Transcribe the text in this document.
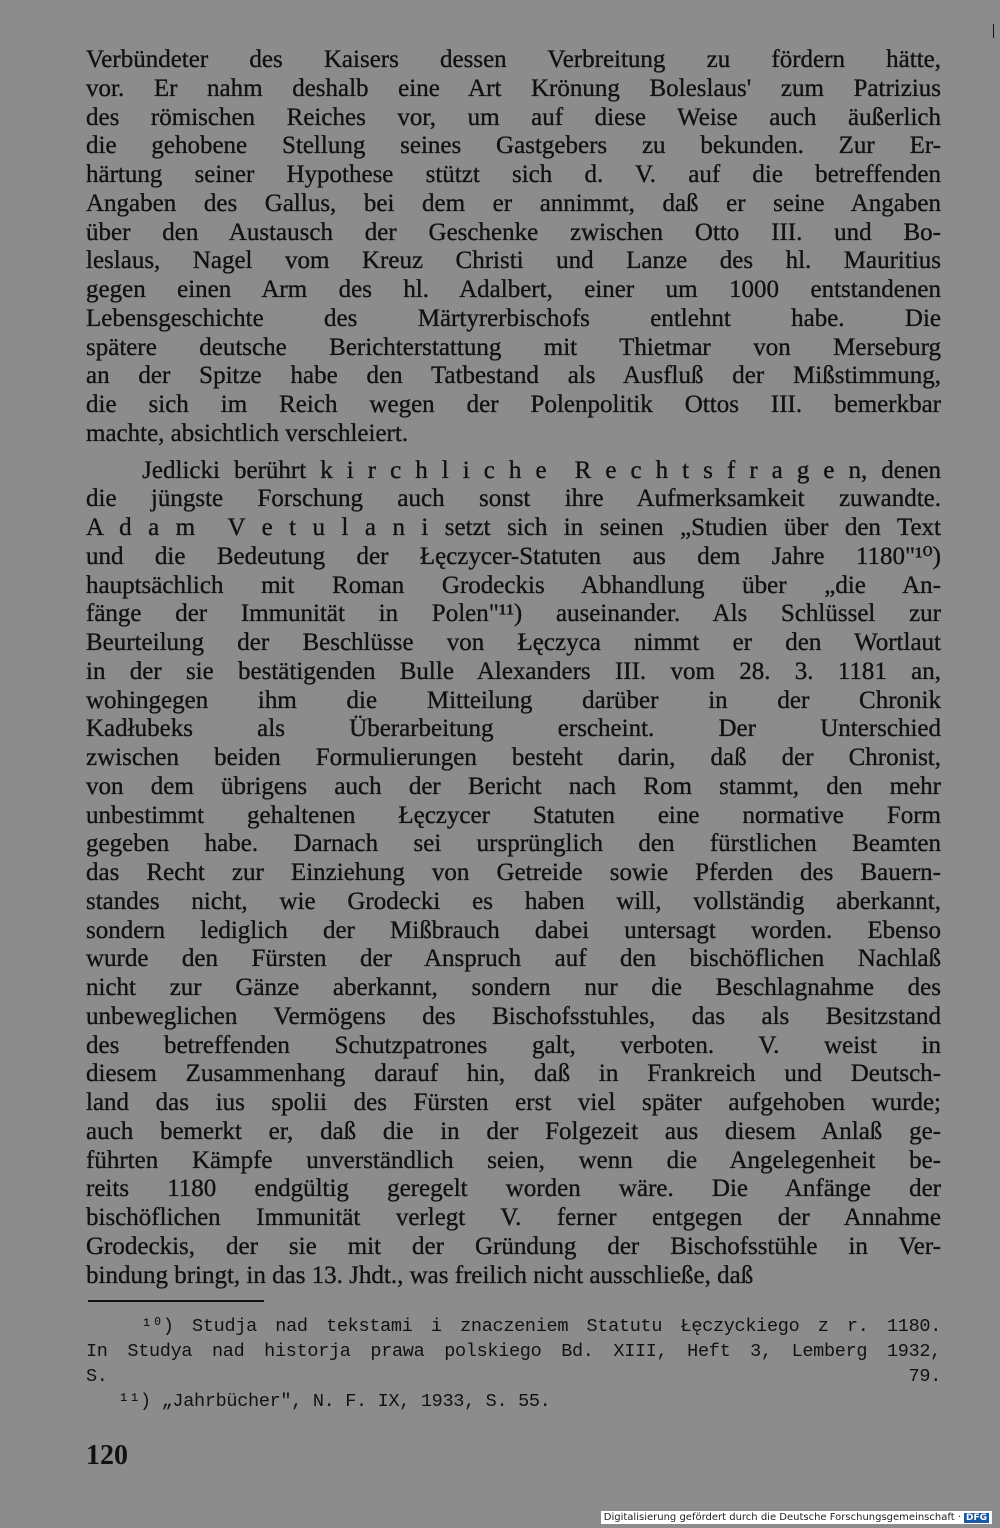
Verbündeter des Kaisers dessen Verbreitung zu fördern hätte,
vor. Er nahm deshalb eine Art Krönung Boleslaus' zum Patrizius
des römischen Reiches vor, um auf diese Weise auch äußerlich
die gehobene Stellung seines Gastgebers zu bekunden. Zur Er-
härtung seiner Hypothese stützt sich d. V. auf die betreffenden
Angaben des Gallus, bei dem er annimmt, daß er seine Angaben
über den Austausch der Geschenke zwischen Otto III. und Bo-
leslaus, Nagel vom Kreuz Christi und Lanze des hl. Mauritius
gegen einen Arm des hl. Adalbert, einer um 1000 entstandenen
Lebensgeschichte des Märtyrerbischofs entlehnt habe. Die
spätere deutsche Berichterstattung mit Thietmar von Merseburg
an der Spitze habe den Tatbestand als Ausfluß der Mißstimmung,
die sich im Reich wegen der Polenpolitik Ottos III. bemerkbar
machte, absichtlich verschleiert.
Jedlicki berührt k i r c h l i c h e  R e c h t s f r a g e n, denen
die jüngste Forschung auch sonst ihre Aufmerksamkeit zuwandte.
A d a m  V e t u l a n i setzt sich in seinen „Studien über den Text
und die Bedeutung der Łęczycer-Statuten aus dem Jahre 1180"¹⁰)
hauptsächlich mit Roman Grodeckis Abhandlung über „die An-
fänge der Immunität in Polen"¹¹) auseinander. Als Schlüssel zur
Beurteilung der Beschlüsse von Łęczyca nimmt er den Wortlaut
in der sie bestätigenden Bulle Alexanders III. vom 28. 3. 1181 an,
wohingegen ihm die Mitteilung darüber in der Chronik
Kadłubeks als Überarbeitung erscheint. Der Unterschied
zwischen beiden Formulierungen besteht darin, daß der Chronist,
von dem übrigens auch der Bericht nach Rom stammt, den mehr
unbestimmt gehaltenen Łęczycer Statuten eine normative Form
gegeben habe. Darnach sei ursprünglich den fürstlichen Beamten
das Recht zur Einziehung von Getreide sowie Pferden des Bauern-
standes nicht, wie Grodecki es haben will, vollständig aberkannt,
sondern lediglich der Mißbrauch dabei untersagt worden. Ebenso
wurde den Fürsten der Anspruch auf den bischöflichen Nachlaß
nicht zur Gänze aberkannt, sondern nur die Beschlagnahme des
unbeweglichen Vermögens des Bischofsstuhles, das als Besitzstand
des betreffenden Schutzpatrones galt, verboten. V. weist in
diesem Zusammenhang darauf hin, daß in Frankreich und Deutsch-
land das ius spolii des Fürsten erst viel später aufgehoben wurde;
auch bemerkt er, daß die in der Folgezeit aus diesem Anlaß ge-
führten Kämpfe unverständlich seien, wenn die Angelegenheit be-
reits 1180 endgültig geregelt worden wäre. Die Anfänge der
bischöflichen Immunität verlegt V. ferner entgegen der Annahme
Grodeckis, der sie mit der Gründung der Bischofsstühle in Ver-
bindung bringt, in das 13. Jhdt., was freilich nicht ausschließe, daß
¹⁰) Studja nad tekstami i znaczeniem Statutu Łęczyckiego z r. 1180.
In Studya nad historja prawa polskiego Bd. XIII, Heft 3, Lemberg 1932,
S. 79.
¹¹) „Jahrbücher", N. F. IX, 1933, S. 55.
120
Digitalisierung gefördert durch die Deutsche Forschungsgemeinschaft · DFG
